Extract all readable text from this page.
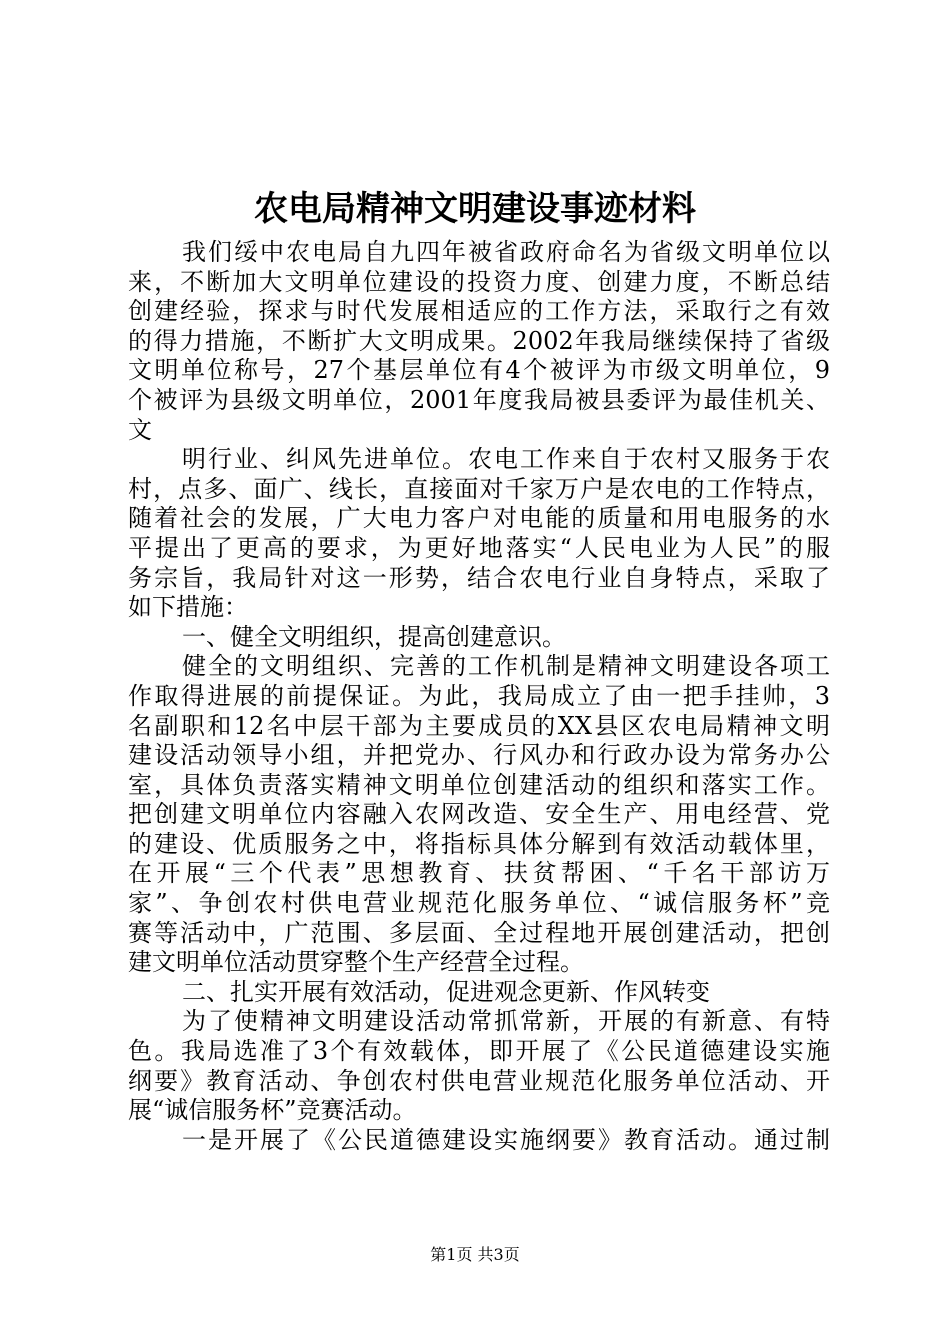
农电局精神文明建设事迹材料
我们绥中农电局自九四年被省政府命名为省级文明单位以
来，不断加大文明单位建设的投资力度、创建力度，不断总结
创建经验，探求与时代发展相适应的工作方法，采取行之有效
的得力措施，不断扩大文明成果。2002年我局继续保持了省级
文明单位称号，27个基层单位有4个被评为市级文明单位，9
个被评为县级文明单位，2001年度我局被县委评为最佳机关、
文
明行业、纠风先进单位。农电工作来自于农村又服务于农
村，点多、面广、线长，直接面对千家万户是农电的工作特点，
随着社会的发展，广大电力客户对电能的质量和用电服务的水
平提出了更高的要求，为更好地落实“人民电业为人民”的服
务宗旨，我局针对这一形势，结合农电行业自身特点，采取了
如下措施：
一、健全文明组织，提高创建意识。
健全的文明组织、完善的工作机制是精神文明建设各项工
作取得进展的前提保证。为此，我局成立了由一把手挂帅，3
名副职和12名中层干部为主要成员的XX县区农电局精神文明
建设活动领导小组，并把党办、行风办和行政办设为常务办公
室，具体负责落实精神文明单位创建活动的组织和落实工作。
把创建文明单位内容融入农网改造、安全生产、用电经营、党
的建设、优质服务之中，将指标具体分解到有效活动载体里，
在开展“三个代表”思想教育、扶贫帮困、“千名干部访万
家”、争创农村供电营业规范化服务单位、“诚信服务杯”竞
赛等活动中，广范围、多层面、全过程地开展创建活动，把创
建文明单位活动贯穿整个生产经营全过程。
二、扎实开展有效活动，促进观念更新、作风转变
为了使精神文明建设活动常抓常新，开展的有新意、有特
色。我局选准了3个有效载体，即开展了《公民道德建设实施
纲要》教育活动、争创农村供电营业规范化服务单位活动、开
展“诚信服务杯”竞赛活动。
一是开展了《公民道德建设实施纲要》教育活动。通过制
第1页 共3页
